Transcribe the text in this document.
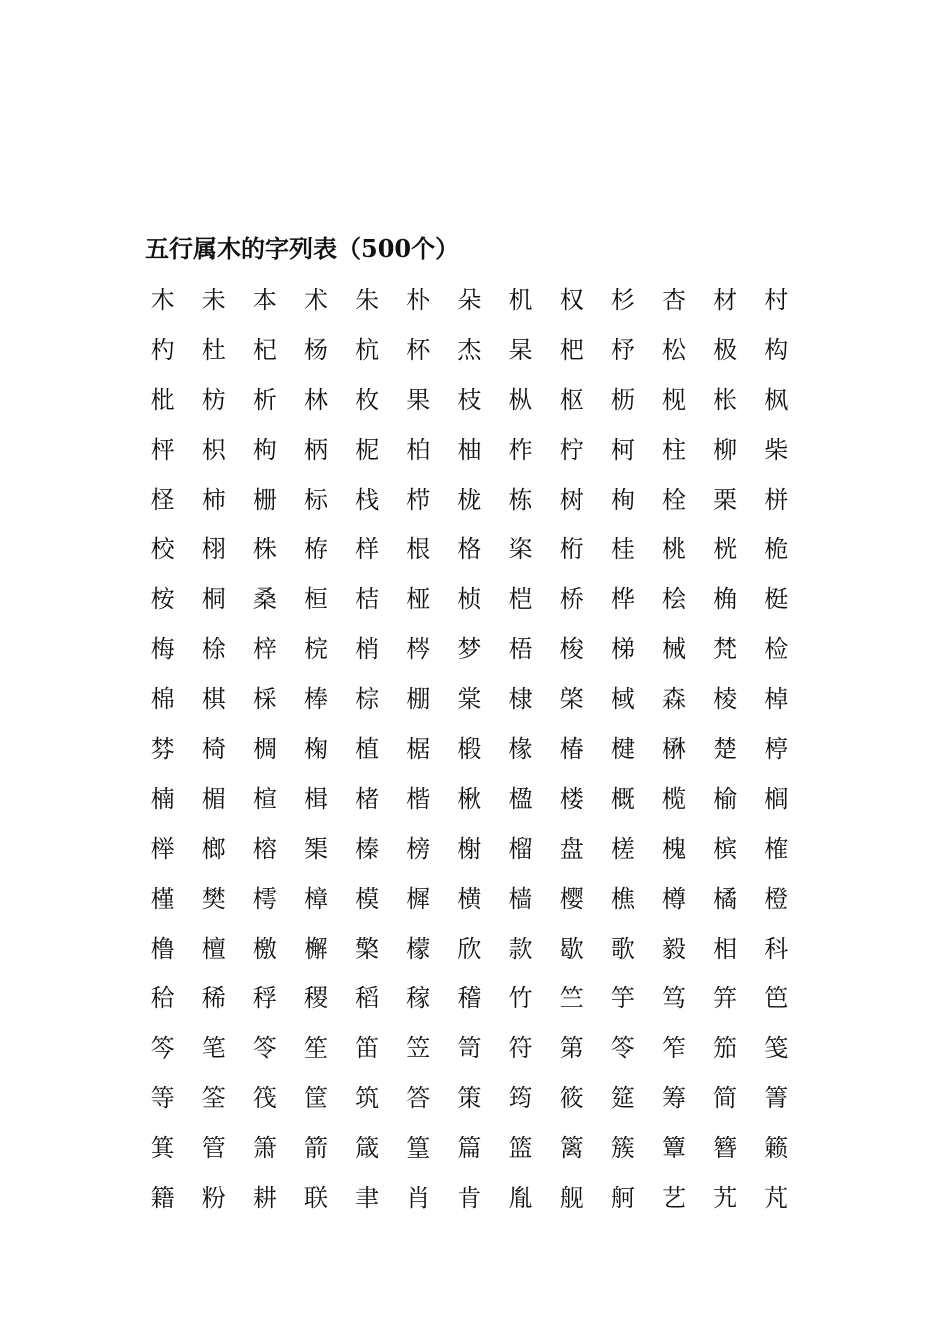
五行属木的字列表（500个）
木	未	本	术	朱	朴	朵	机	权	杉	杏	材	村
杓	杜	杞	杨	杭	杯	杰	杲	杷	杼	松	极	构
枇	枋	析	林	枚	果	枝	枞	枢	枥	枧	枨	枫
枰	枳	枸	柄	柅	柏	柚	柞	柠	柯	柱	柳	柴
柽	柿	栅	标	栈	栉	栊	栋	树	栒	栓	栗	栟
校	栩	株	栫	样	根	格	栥	桁	桂	桃	桄	桅
桉	桐	桑	桓	桔	桠	桢	桤	桥	桦	桧	桷	梃
梅	梌	梓	梡	梢	梣	梦	梧	梭	梯	械	梵	检
棉	棋	棌	棒	棕	棚	棠	棣	棨	棫	森	棱	棹
棼	椅	椆	椈	植	椐	椴	椽	椿	楗	楙	楚	楟
楠	楣	楦	楫	楮	楷	楸	楹	楼	概	榄	榆	榈
榉	榔	榕	榘	榛	榜	榭	榴	盘	槎	槐	槟	榷
槿	樊	樗	樟	模	樨	横	樯	樱	樵	樽	橘	橙
橹	檀	檄	檞	檠	檬	欣	款	歇	歌	毅	相	科
秴	稀	稃	稷	稻	稼	稽	竹	竺	竽	笃	笄	笆
笒	笔	笭	笙	笛	笠	笥	符	第	笭	笮	笳	笺
等	筌	筏	筐	筑	答	策	筠	筱	筵	筹	简	箐
箕	管	箫	箭	箴	篁	篇	篮	篱	簇	簟	簪	籁
籍	粉	耕	联	聿	肖	肯	胤	舰	舸	艺	艽	芃
